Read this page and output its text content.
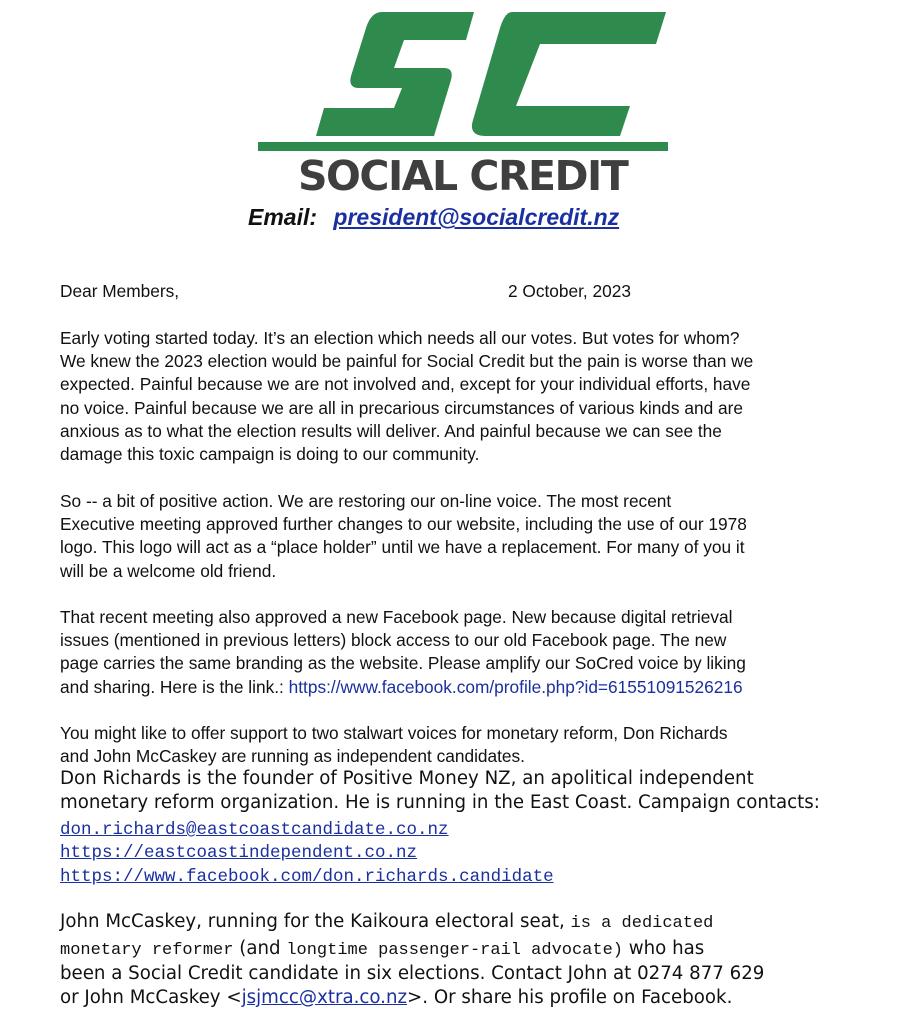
SOCIAL CREDIT
Email: president@socialcredit.nz
Dear Members,	2 October, 2023
Early voting started today. It’s an election which needs all our votes. But votes for whom?
We knew the 2023 election would be painful for Social Credit but the pain is worse than we
expected. Painful because we are not involved and, except for your individual efforts, have
no voice. Painful because we are all in precarious circumstances of various kinds and are
anxious as to what the election results will deliver. And painful because we can see the
damage this toxic campaign is doing to our community.
So -- a bit of positive action. We are restoring our on-line voice. The most recent
Executive meeting approved further changes to our website, including the use of our 1978
logo. This logo will act as a “place holder” until we have a replacement. For many of you it
will be a welcome old friend.
That recent meeting also approved a new Facebook page. New because digital retrieval
issues (mentioned in previous letters) block access to our old Facebook page. The new
page carries the same branding as the website. Please amplify our SoCred voice by liking
and sharing. Here is the link.: https://www.facebook.com/profile.php?id=61551091526216
You might like to offer support to two stalwart voices for monetary reform, Don Richards
and John McCaskey are running as independent candidates.
Don Richards is the founder of Positive Money NZ, an apolitical independent
monetary reform organization. He is running in the East Coast. Campaign contacts:
don.richards@eastcoastcandidate.co.nz
https://eastcoastindependent.co.nz
https://www.facebook.com/don.richards.candidate
John McCaskey, running for the Kaikoura electoral seat, is a dedicated
monetary reformer (and longtime passenger-rail advocate) who has
been a Social Credit candidate in six elections. Contact John at 0274 877 629
or John McCaskey <jsjmcc@xtra.co.nz>. Or share his profile on Facebook.
